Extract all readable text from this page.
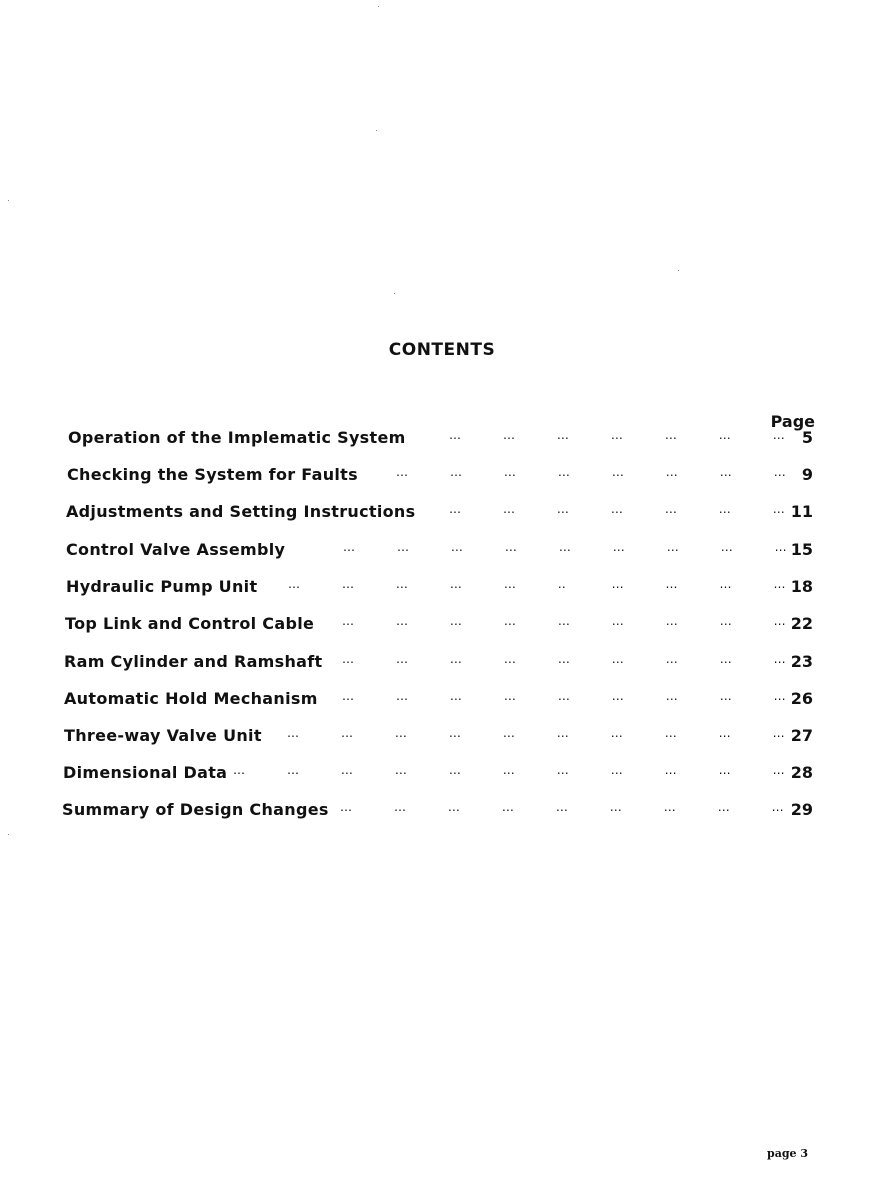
CONTENTS
Page
Operation of the Implematic System	…           …           …           …           …           …           … 5
Checking the System for Faults	…           …           …           …           …           …           …           … 9
Adjustments and Setting Instructions	…           …           …           …           …           …           … 11
Control Valve Assembly	…           …           …           …           …           …           …           …           … 15
Hydraulic Pump Unit	…           …           …           …           …           ‥            …           …           …           … 18
Top Link and Control Cable …           …           …           …           …           …           …           …           … 22
Ram Cylinder and Ramshaft …           …           …           …           …           …           …           …           … 23
Automatic Hold Mechanism …           …           …           …           …           …           …           …           … 26
Three-way Valve Unit …           …           …           …           …           …           …           …           …           … 27
Dimensional Data …           …           …           …           …           …           …           …           …           …           … 28
Summary of Design Changes …           …           …           …           …           …           …           …           … 29
page 3
